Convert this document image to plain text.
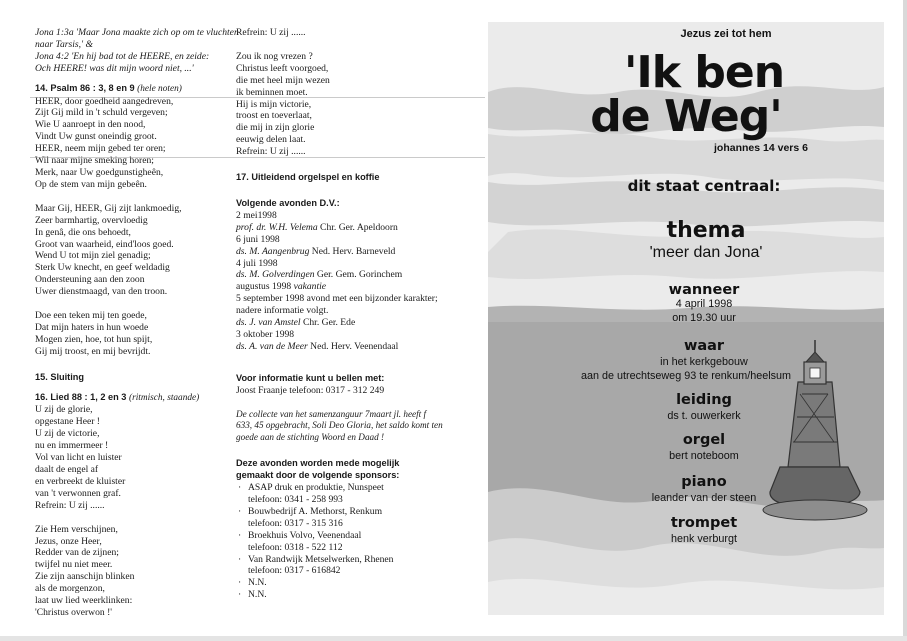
Jona 1:3a 'Maar Jona maakte zich op om te vluchten
naar Tarsis,' &
Jona 4:2 'En hij bad tot de HEERE, en zeide:
Och HEERE! was dit mijn woord niet, ...'
14. Psalm 86 : 3, 8 en 9 (hele noten)
HEER, door goedheid aangedreven,
Zijt Gij mild in 't schuld vergeven;
Wie U aanroept in den nood,
Vindt Uw gunst oneindig groot.
HEER, neem mijn gebed ter oren;
Wil naar mijne smeking horen;
Merk, naar Uw goedgunstigheên,
Op de stem van mijn gebeên.
Maar Gij, HEER, Gij zijt lankmoedig,
Zeer barmhartig, overvloedig
In genâ, die ons behoedt,
Groot van waarheid, eind'loos goed.
Wend U tot mijn ziel genadig;
Sterk Uw knecht, en geef weldadig
Ondersteuning aan den zoon
Uwer dienstmaagd, van den troon.
Doe een teken mij ten goede,
Dat mijn haters in hun woede
Mogen zien, hoe, tot hun spijt,
Gij mij troost, en mij bevrijdt.
15. Sluiting
16. Lied 88 : 1, 2 en 3 (ritmisch, staande)
U zij de glorie,
opgestane Heer !
U zij de victorie,
nu en immermeer !
Vol van licht en luister
daalt de engel af
en verbreekt de kluister
van 't verwonnen graf.
Refrein: U zij ......
Zie Hem verschijnen,
Jezus, onze Heer,
Redder van de zijnen;
twijfel nu niet meer.
Zie zijn aanschijn blinken
als de morgenzon,
laat uw lied weerklinken:
'Christus overwon !'
Refrein: U zij ......
Zou ik nog vrezen ?
Christus leeft voorgoed,
die met heel mijn wezen
ik beminnen moet.
Hij is mijn victorie,
troost en toeverlaat,
die mij in zijn glorie
eeuwig delen laat.
Refrein: U zij ......
17. Uitleidend orgelspel en koffie
Volgende avonden D.V.:
2 mei1998
prof. dr. W.H. Velema Chr. Ger. Apeldoorn
6 juni 1998
ds. M. Aangenbrug Ned. Herv. Barneveld
4 juli 1998
ds. M. Golverdingen Ger. Gem. Gorinchem
augustus 1998 vakantie
5 september 1998 avond met een bijzonder karakter;
nadere informatie volgt.
ds. J. van Amstel Chr. Ger. Ede
3 oktober 1998
ds. A. van de Meer Ned. Herv. Veenendaal
Voor informatie kunt u bellen met:
Joost Fraanje telefoon: 0317 - 312 249
De collecte van het samenzanguur 7maart jl. heeft f
633, 45 opgebracht, Soli Deo Gloria, het saldo komt ten
goede aan de stichting Woord en Daad !
Deze avonden worden mede mogelijk
gemaakt door de volgende sponsors:
· ASAP druk en produktie, Nunspeet
telefoon: 0341 - 258 993
· Bouwbedrijf A. Methorst, Renkum
telefoon: 0317 - 315 316
· Broekhuis Volvo, Veenendaal
telefoon: 0318 - 522 112
· Van Randwijk Metselwerken, Rhenen
telefoon: 0317 - 616842
· N.N.
· N.N.
Jezus zei tot hem
'Ik ben
de Weg'
johannes 14 vers 6
dit staat centraal:
thema
'meer dan Jona'
wanneer
4 april 1998
om 19.30 uur
waar
in het kerkgebouw
aan de utrechtseweg 93 te renkum/heelsum
leiding
ds t. ouwerkerk
orgel
bert noteboom
piano
leander van der steen
trompet
henk verburgt
